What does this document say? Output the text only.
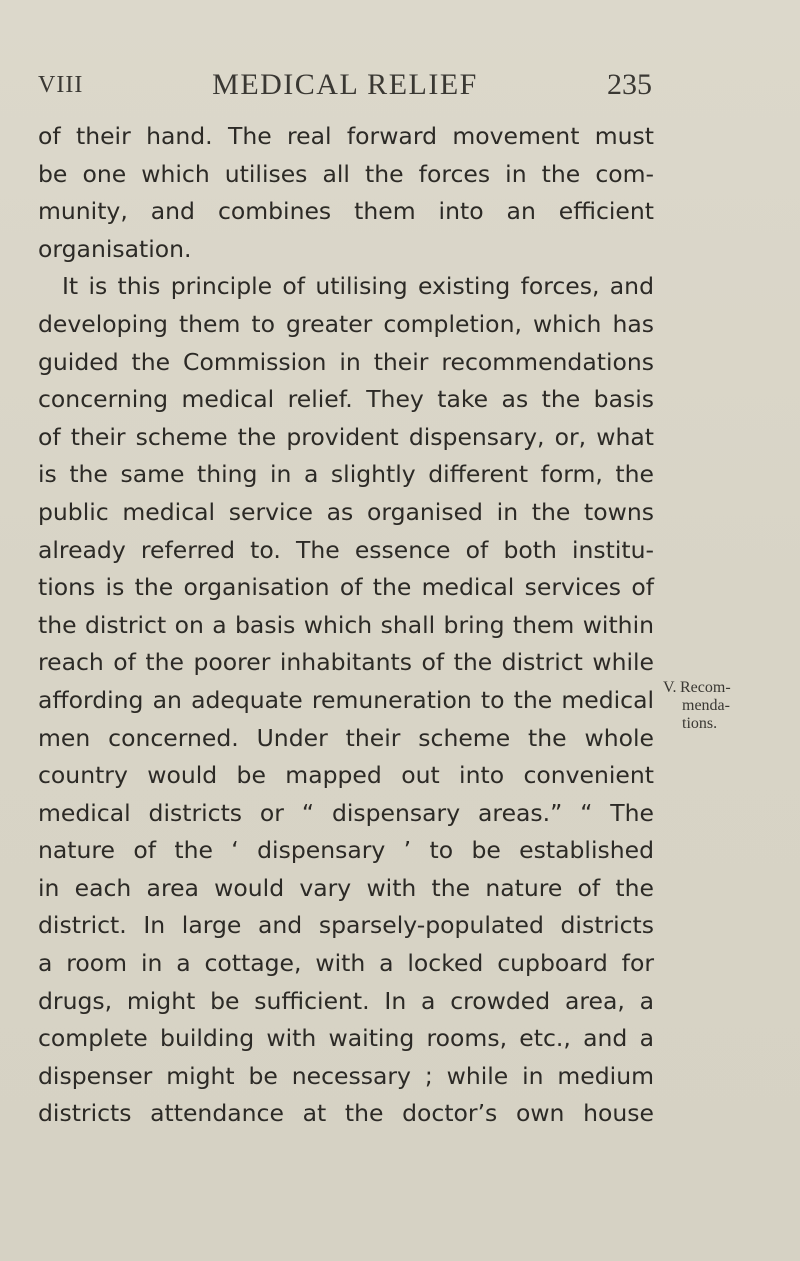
VIII	MEDICAL RELIEF	235
of their hand. The real forward movement must
be one which utilises all the forces in the com-
munity, and combines them into an efficient
organisation.
It is this principle of utilising existing forces, and
developing them to greater completion, which has
guided the Commission in their recommendations
concerning medical relief. They take as the basis
of their scheme the provident dispensary, or, what
is the same thing in a slightly different form, the
public medical service as organised in the towns
already referred to. The essence of both institu-
tions is the organisation of the medical services of
the district on a basis which shall bring them within
reach of the poorer inhabitants of the district while
affording an adequate remuneration to the medical
men concerned. Under their scheme the whole
country would be mapped out into convenient
medical districts or “ dispensary areas.” “ The
nature of the ‘ dispensary ’ to be established
in each area would vary with the nature of the
district. In large and sparsely-populated districts
a room in a cottage, with a locked cupboard for
drugs, might be sufficient. In a crowded area, a
complete building with waiting rooms, etc., and a
dispenser might be necessary ; while in medium
districts attendance at the doctor’s own house
V. Recom-
menda-
tions.
